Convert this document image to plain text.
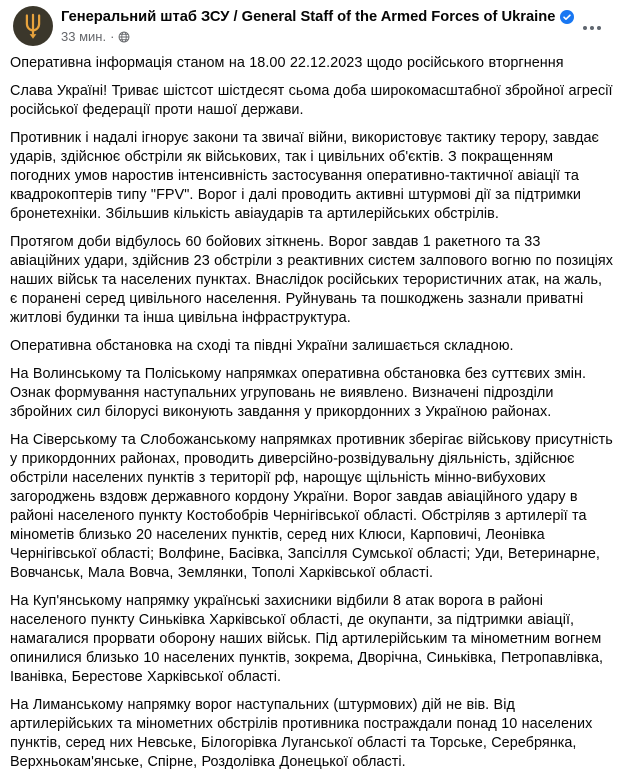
Генеральний штаб ЗСУ / General Staff of the Armed Forces of Ukraine
33 мин. ·

Оперативна інформація станом на 18.00 22.12.2023 щодо російського вторгнення

Слава Україні! Триває шістсот шістдесят сьома доба широкомасштабної збройної агресії російської федерації проти нашої держави.

Противник і надалі ігнорує закони та звичаї війни, використовує тактику терору, завдає ударів, здійснює обстріли як військових, так і цивільних об'єктів. З покращенням погодних умов наростив інтенсивність застосування оперативно-тактичної авіації та квадрокоптерів типу "FPV". Ворог і далі проводить активні штурмові дії за підтримки бронетехніки. Збільшив кількість авіаударів та артилерійських обстрілів.

Протягом доби відбулось 60 бойових зіткнень. Ворог завдав 1 ракетного та 33 авіаційних удари, здійснив 23 обстріли з реактивних систем залпового вогню по позиціях наших військ та населених пунктах. Внаслідок російських терористичних атак, на жаль, є поранені серед цивільного населення. Руйнувань та пошкоджень зазнали приватні житлові будинки та інша цивільна інфраструктура.

Оперативна обстановка на сході та півдні України залишається складною.

На Волинському та Поліському напрямках оперативна обстановка без суттєвих змін. Ознак формування наступальних угруповань не виявлено. Визначені підрозділи збройних сил білорусі виконують завдання у прикордонних з Україною районах.

На Сіверському та Слобожанському напрямках противник зберігає військову присутність у прикордонних районах, проводить диверсійно-розвідувальну діяльність, здійснює обстріли населених пунктів з території рф, нарощує щільність мінно-вибухових загороджень вздовж державного кордону України. Ворог завдав авіаційного удару в районі населеного пункту Костобобрів Чернігівської області. Обстріляв з артилерії та мінометів близько 20 населених пунктів, серед них Клюси, Карповичі, Леонівка Чернігівської області; Волфине, Басівка, Запсілля Сумської області; Уди, Ветеринарне, Вовчанськ, Мала Вовча, Землянки, Тополі Харківської області.

На Куп'янському напрямку українські захисники відбили 8 атак ворога в районі населеного пункту Синьківка Харківської області, де окупанти, за підтримки авіації, намагалися прорвати оборону наших військ. Під артилерійським та мінометним вогнем опинилися близько 10 населених пунктів, зокрема, Дворічна, Синьківка, Петропавлівка, Іванівка, Берестове Харківської області.

На Лиманському напрямку ворог наступальних (штурмових) дій не вів. Від артилерійських та мінометних обстрілів противника постраждали понад 10 населених пунктів, серед них Невське, Білогорівка Луганської області та Торське, Серебрянка, Верхньокам'янське, Спірне, Роздолівка Донецької області.
